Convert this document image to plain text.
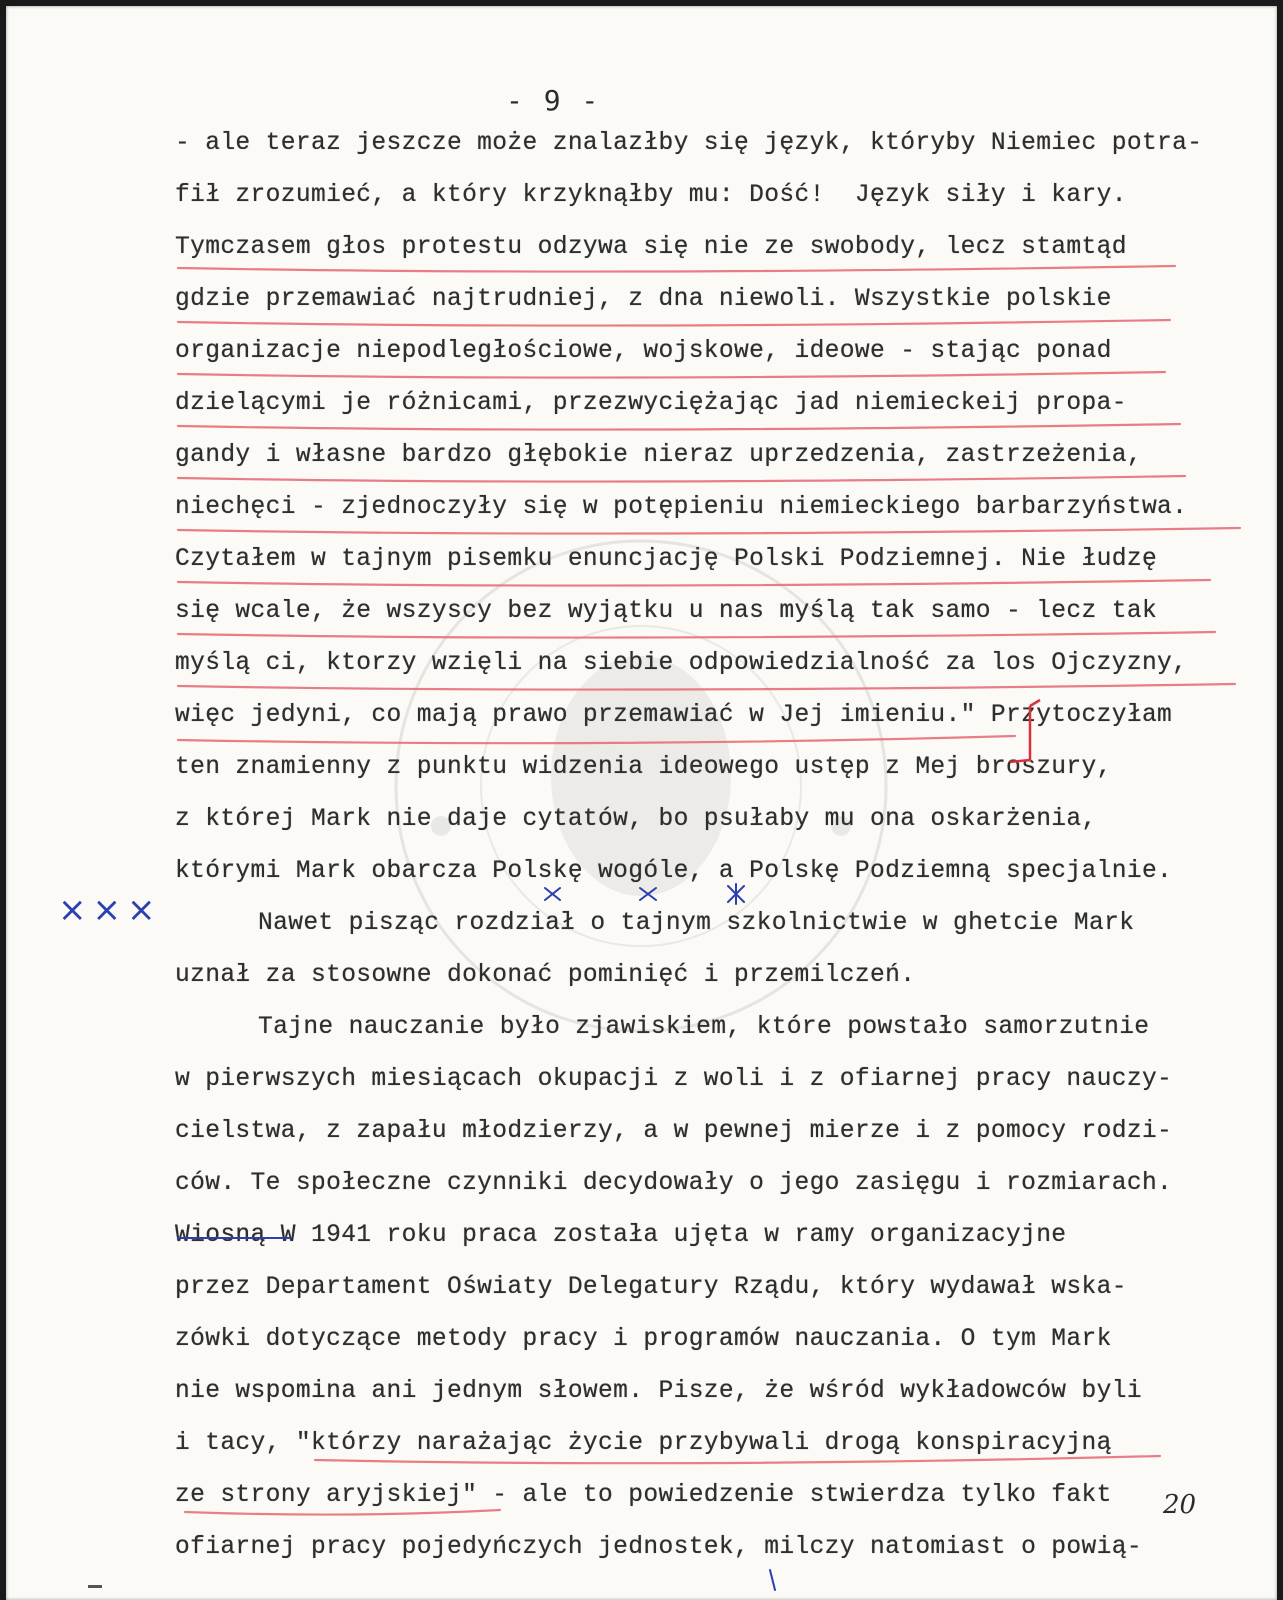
- 9 -
- ale teraz jeszcze może znalazłby się język, któryby Niemiec potra-
fił zrozumieć, a który krzyknąłby mu: Dość!  Język siły i kary.
Tymczasem głos protestu odzywa się nie ze swobody, lecz stamtąd
gdzie przemawiać najtrudniej, z dna niewoli. Wszystkie polskie
organizacje niepodległościowe, wojskowe, ideowe - stając ponad
dzielącymi je różnicami, przezwyciężając jad niemieckeij propa-
gandy i własne bardzo głębokie nieraz uprzedzenia, zastrzeżenia,
niechęci - zjednoczyły się w potępieniu niemieckiego barbarzyństwa.
Czytałem w tajnym pisemku enuncjację Polski Podziemnej. Nie łudzę
się wcale, że wszyscy bez wyjątku u nas myślą tak samo - lecz tak
myślą ci, ktorzy wzięli na siebie odpowiedzialność za los Ojczyzny,
więc jedyni, co mają prawo przemawiać w Jej imieniu." Przytoczyłam
ten znamienny z punktu widzenia ideowego ustęp z Mej broszury,
z której Mark nie daje cytatów, bo psułaby mu ona oskarżenia,
którymi Mark obarcza Polskę wogóle, a Polskę Podziemną specjalnie.
Nawet pisząc rozdział o tajnym szkolnictwie w ghetcie Mark
uznał za stosowne dokonać pominięć i przemilczeń.
Tajne nauczanie było zjawiskiem, które powstało samorzutnie
w pierwszych miesiącach okupacji z woli i z ofiarnej pracy nauczy-
cielstwa, z zapału młodzierzy, a w pewnej mierze i z pomocy rodzi-
ców. Te społeczne czynniki decydowały o jego zasięgu i rozmiarach.
Wiosną W 1941 roku praca została ujęta w ramy organizacyjne
przez Departament Oświaty Delegatury Rządu, który wydawał wska-
zówki dotyczące metody pracy i programów nauczania. O tym Mark
nie wspomina ani jednym słowem. Pisze, że wśród wykładowców byli
i tacy, "którzy narażając życie przybywali drogą konspiracyjną
ze strony aryjskiej" - ale to powiedzenie stwierdza tylko fakt
ofiarnej pracy pojedyńczych jednostek, milczy natomiast o powią-
×××
20
